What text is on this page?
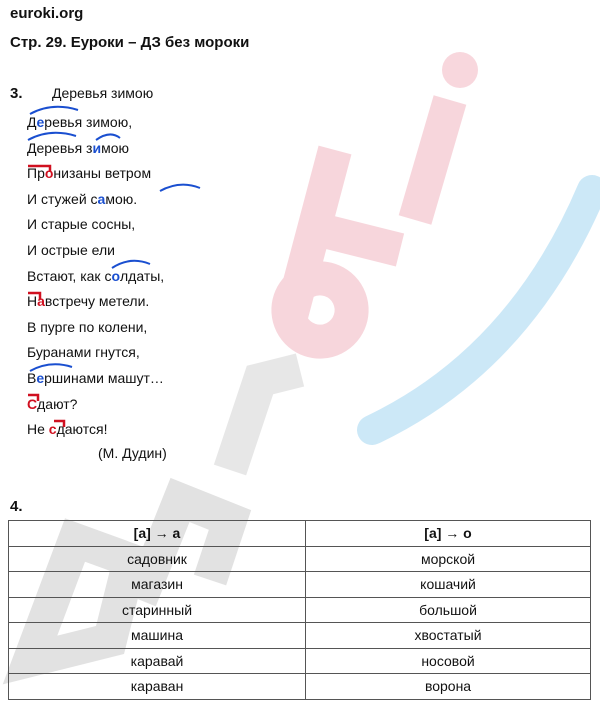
euroki.org
Стр. 29. Еуроки – ДЗ без мороки
3. Деревья зимою
Деревья зимою,
Деревья зимою
Пронизаны ветром
И стужей самою.
И старые сосны,
И острые ели
Встают, как солдаты,
Навстречу метели.
В пурге по колени,
Буранами гнутся,
Вершинами машут…
Сдают?
Не сдаются!
(М. Дудин)
4.
[а] → а	[а] → о
садовник	морской
магазин	кошачий
старинный	большой
машина	хвостатый
каравай	носовой
караван	ворона
